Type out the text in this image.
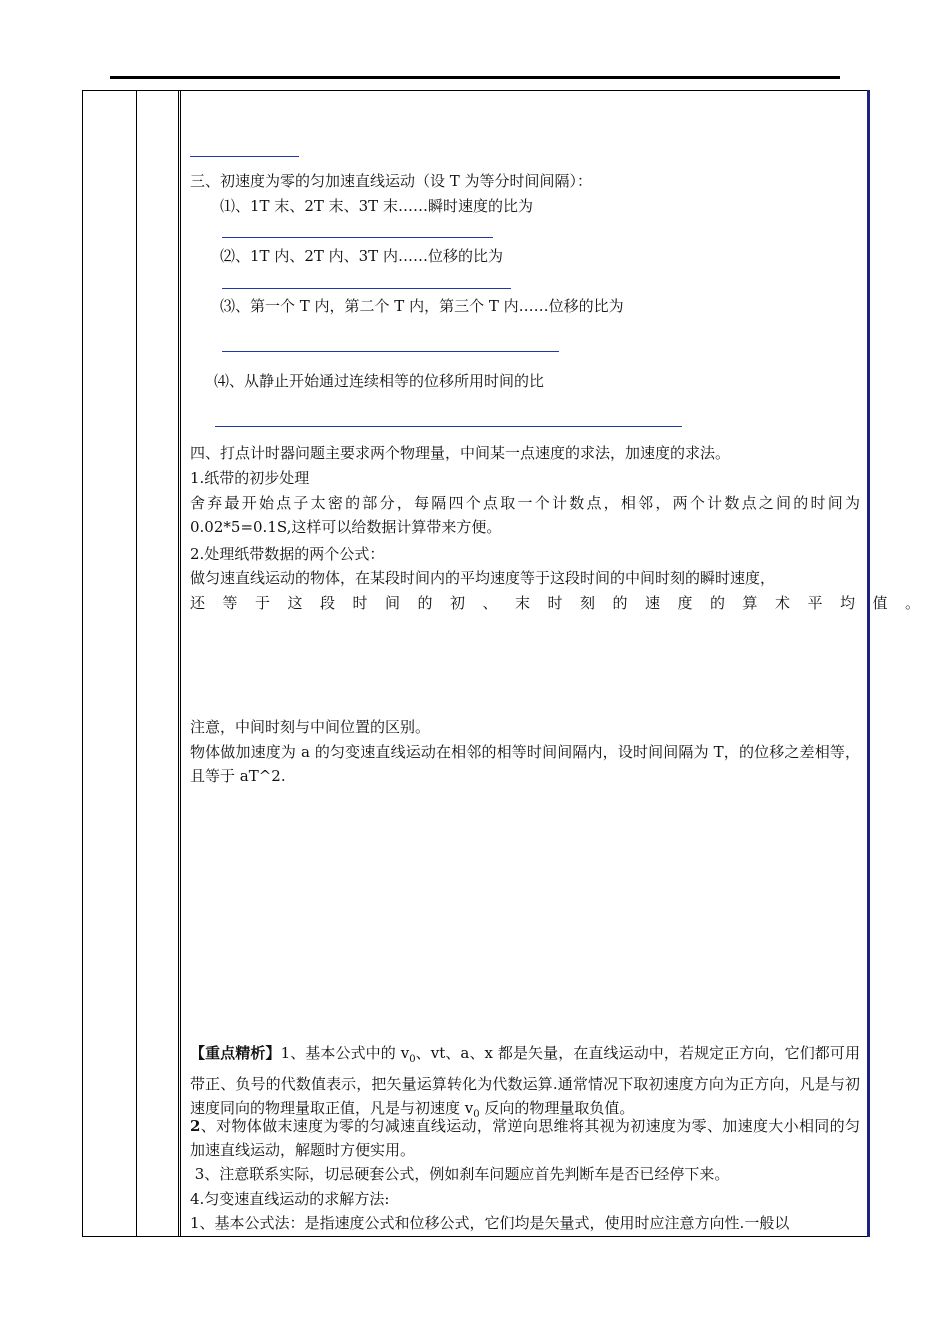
三、初速度为零的匀加速直线运动（设 T 为等分时间间隔）：
⑴、1T 末、2T 末、3T 末……瞬时速度的比为
⑵、1T 内、2T 内、3T 内……位移的比为
⑶、第一个 T 内，第二个 T 内，第三个 T 内……位移的比为
⑷、从静止开始通过连续相等的位移所用时间的比
四、打点计时器问题主要求两个物理量，中间某一点速度的求法，加速度的求法。
1.纸带的初步处理
舍弃最开始点子太密的部分，每隔四个点取一个计数点，相邻，两个计数点之间的时间为 0.02*5=0.1S,这样可以给数据计算带来方便。
2.处理纸带数据的两个公式：
做匀速直线运动的物体，在某段时间内的平均速度等于这段时间的中间时刻的瞬时速度，
还等于这段时间的初、末时刻的速度的算术平均值。
注意，中间时刻与中间位置的区别。
物体做加速度为 a 的匀变速直线运动在相邻的相等时间间隔内，设时间间隔为 T，的位移之差相等，且等于 aT^2.
【重点精析】1、基本公式中的 $v_0$、vt、a、x 都是矢量，在直线运动中，若规定正方向，它们都可用带正、负号的代数值表示，把矢量运算转化为代数运算.通常情况下取初速度方向为正方向，凡是与初速度同向的物理量取正值，凡是与初速度 $v_0$ 反向的物理量取负值。
2、对物体做末速度为零的匀减速直线运动，常逆向思维将其视为初速度为零、加速度大小相同的匀加速直线运动，解题时方便实用。
3、注意联系实际，切忌硬套公式，例如刹车问题应首先判断车是否已经停下来。
4.匀变速直线运动的求解方法:
1、基本公式法：是指速度公式和位移公式，它们均是矢量式，使用时应注意方向性.一般以
